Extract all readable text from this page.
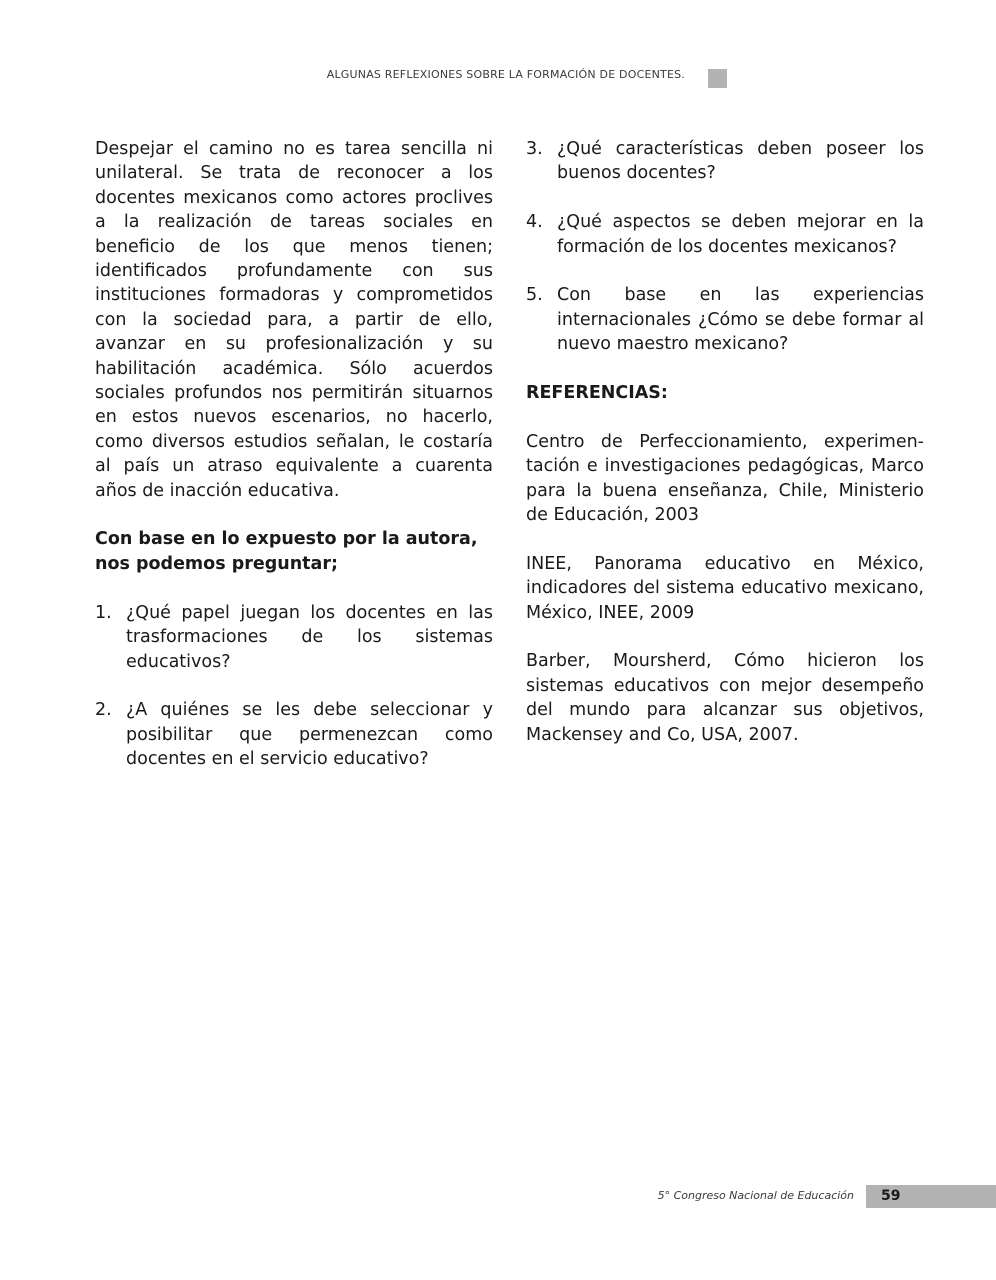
ALGUNAS REFLEXIONES SOBRE LA FORMACIÓN DE DOCENTES.

Despejar el camino no es tarea sencilla ni unilateral. Se trata de reconocer a los docentes mexicanos como actores proclives a la realización de tareas sociales en beneficio de los que menos tienen; identificados profundamente con sus instituciones formadoras y comprometidos con la sociedad para, a partir de ello, avanzar en su profesionalización y su habilitación académica. Sólo acuerdos sociales profundos nos permitirán situarnos en estos nuevos escenarios, no hacerlo, como diversos estudios señalan, le costaría al país un atraso equivalente a cuarenta años de inacción educativa.

Con base en lo expuesto por la autora, nos podemos preguntar;

1. ¿Qué papel juegan los docentes en las trasformaciones de los sistemas educativos?
2. ¿A quiénes se les debe seleccionar y posibilitar que permenezcan como docentes en el servicio educativo?
3. ¿Qué características deben poseer los buenos docentes?
4. ¿Qué aspectos se deben mejorar en la formación de los docentes mexicanos?
5. Con base en las experiencias internacionales ¿Cómo se debe formar al nuevo maestro mexicano?

REFERENCIAS:

Centro de Perfeccionamiento, experimentación e investigaciones pedagógicas, Marco para la buena enseñanza, Chile, Ministerio de Educación, 2003

INEE, Panorama educativo en México, indicadores del sistema educativo mexicano, México, INEE, 2009

Barber, Moursherd, Cómo hicieron los sistemas educativos con mejor desempeño del mundo para alcanzar sus objetivos, Mackensey and Co, USA, 2007.

5° Congreso Nacional de Educación 59
